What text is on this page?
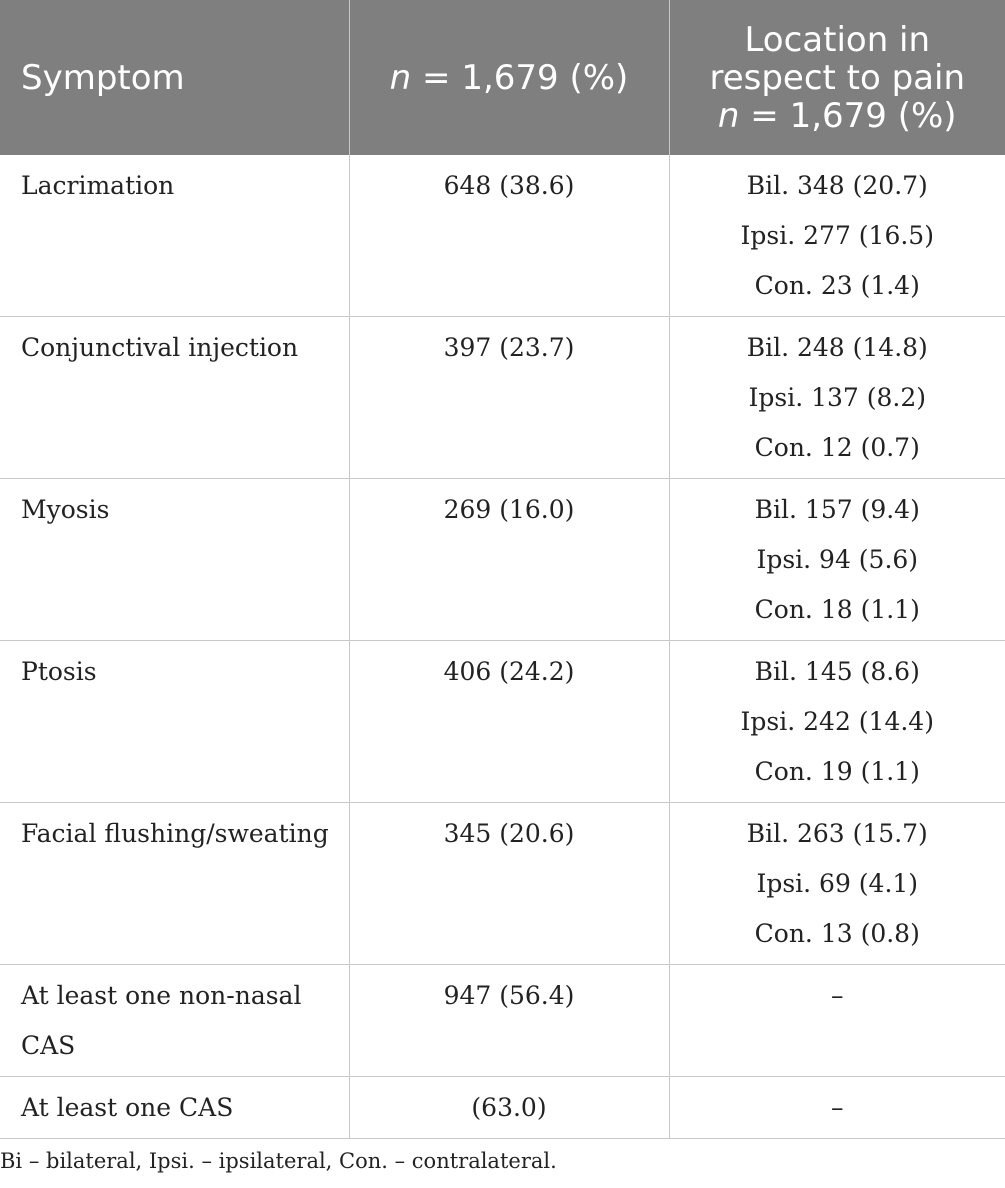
Symptom	n = 1,679 (%)	Location in
respect to pain
n = 1,679 (%)

Lacrimation	648 (38.6)	Bil. 348 (20.7)
Ipsi. 277 (16.5)
Con. 23 (1.4)

Conjunctival injection	397 (23.7)	Bil. 248 (14.8)
Ipsi. 137 (8.2)
Con. 12 (0.7)

Myosis	269 (16.0)	Bil. 157 (9.4)
Ipsi. 94 (5.6)
Con. 18 (1.1)

Ptosis	406 (24.2)	Bil. 145 (8.6)
Ipsi. 242 (14.4)
Con. 19 (1.1)

Facial flushing/sweating	345 (20.6)	Bil. 263 (15.7)
Ipsi. 69 (4.1)
Con. 13 (0.8)

At least one non-nasal CAS	947 (56.4)	–

At least one CAS	(63.0)	–
Bi – bilateral, Ipsi. – ipsilateral, Con. – contralateral.
